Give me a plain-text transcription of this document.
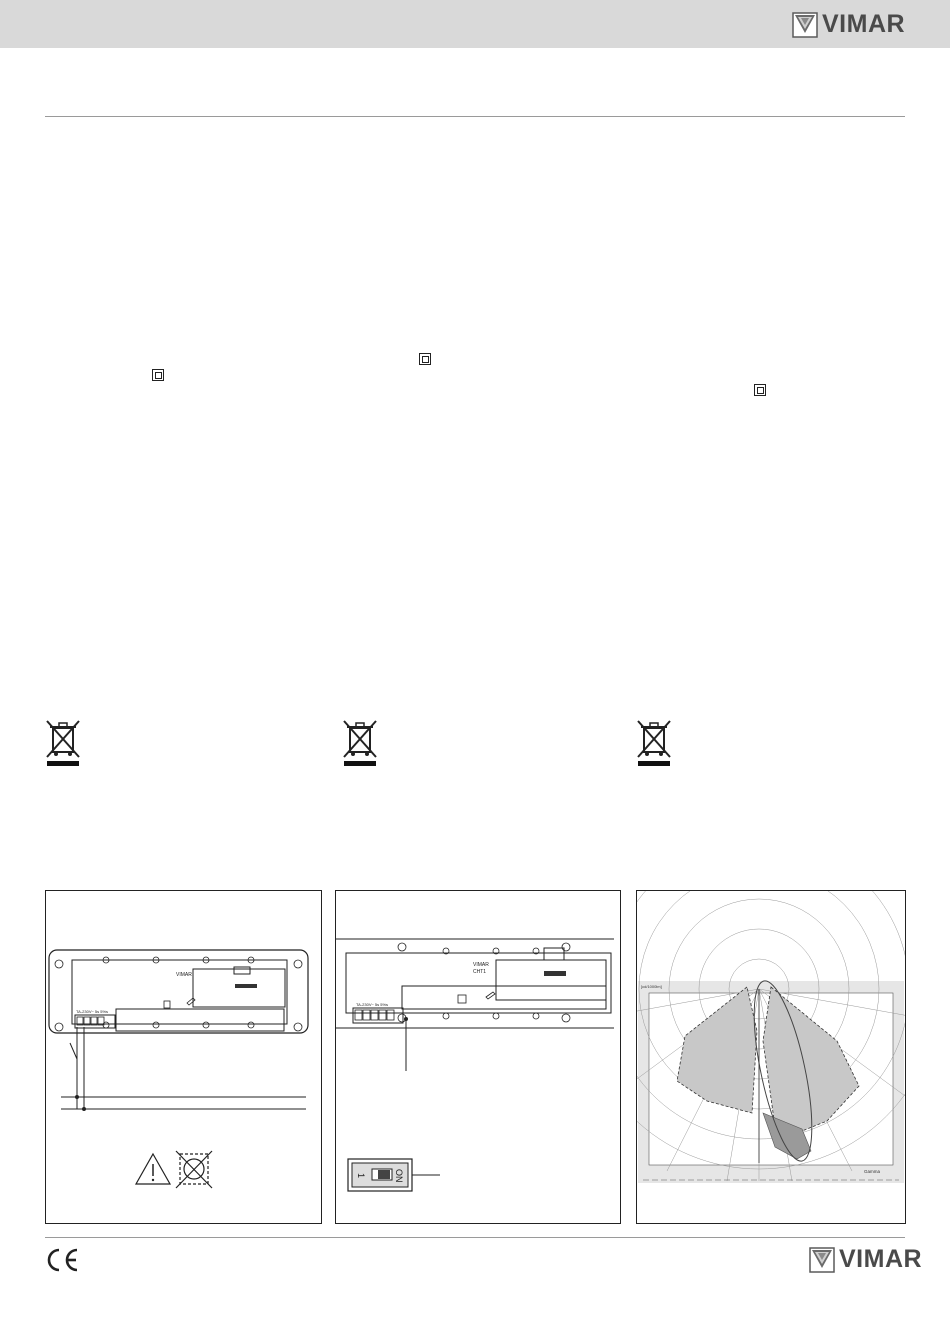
VIMAR
VIMAR
TA-230V~ 5s 5%s
VIMAR
CHT1
TA-230V~ 5s 5%s
1	ON
[cd/1000lm]
Gamma
VIMAR
